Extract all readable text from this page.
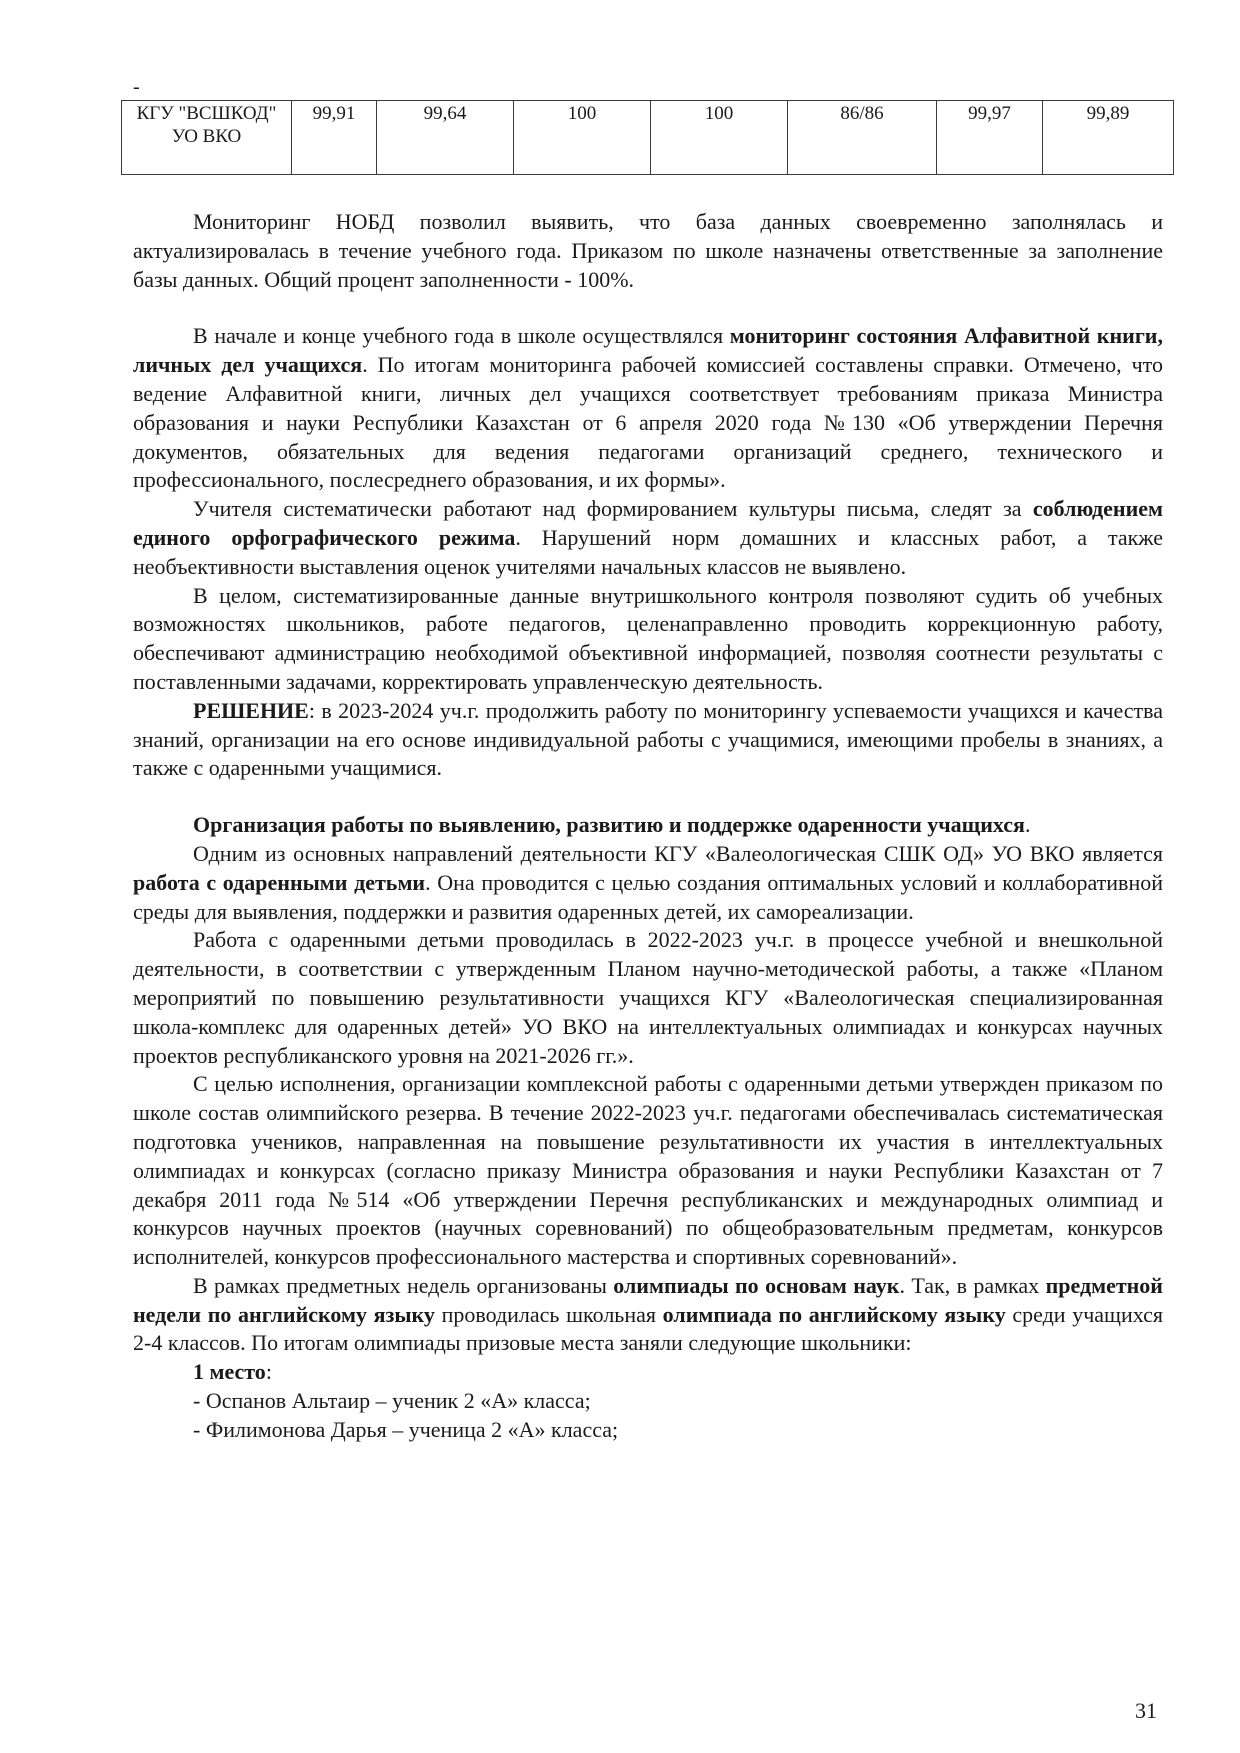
-
КГУ "ВСШКОД" УО ВКО	99,91	99,64	100	100	86/86	99,97	99,89

Мониторинг НОБД позволил выявить, что база данных своевременно заполнялась и актуализировалась в течение учебного года. Приказом по школе назначены ответственные за заполнение базы данных. Общий процент заполненности - 100%.

В начале и конце учебного года в школе осуществлялся мониторинг состояния Алфавитной книги, личных дел учащихся. По итогам мониторинга рабочей комиссией составлены справки. Отмечено, что ведение Алфавитной книги, личных дел учащихся соответствует требованиям приказа Министра образования и науки Республики Казахстан от 6 апреля 2020 года №130 «Об утверждении Перечня документов, обязательных для ведения педагогами организаций среднего, технического и профессионального, послесреднего образования, и их формы».

Учителя систематически работают над формированием культуры письма, следят за соблюдением единого орфографического режима. Нарушений норм домашних и классных работ, а также необъективности выставления оценок учителями начальных классов не выявлено.

В целом, систематизированные данные внутришкольного контроля позволяют судить об учебных возможностях школьников, работе педагогов, целенаправленно проводить коррекционную работу, обеспечивают администрацию необходимой объективной информацией, позволяя соотнести результаты с поставленными задачами, корректировать управленческую деятельность.

РЕШЕНИЕ: в 2023-2024 уч.г. продолжить работу по мониторингу успеваемости учащихся и качества знаний, организации на его основе индивидуальной работы с учащимися, имеющими пробелы в знаниях, а также с одаренными учащимися.

Организация работы по выявлению, развитию и поддержке одаренности учащихся.

Одним из основных направлений деятельности КГУ «Валеологическая СШК ОД» УО ВКО является работа с одаренными детьми. Она проводится с целью создания оптимальных условий и коллаборативной среды для выявления, поддержки и развития одаренных детей, их самореализации.

Работа с одаренными детьми проводилась в 2022-2023 уч.г. в процессе учебной и внешкольной деятельности, в соответствии с утвержденным Планом научно-методической работы, а также «Планом мероприятий по повышению результативности учащихся КГУ «Валеологическая специализированная школа-комплекс для одаренных детей» УО ВКО на интеллектуальных олимпиадах и конкурсах научных проектов республиканского уровня на 2021-2026 гг.».

С целью исполнения, организации комплексной работы с одаренными детьми утвержден приказом по школе состав олимпийского резерва. В течение 2022-2023 уч.г. педагогами обеспечивалась систематическая подготовка учеников, направленная на повышение результативности их участия в интеллектуальных олимпиадах и конкурсах (согласно приказу Министра образования и науки Республики Казахстан от 7 декабря 2011 года №514 «Об утверждении Перечня республиканских и международных олимпиад и конкурсов научных проектов (научных соревнований) по общеобразовательным предметам, конкурсов исполнителей, конкурсов профессионального мастерства и спортивных соревнований».

В рамках предметных недель организованы олимпиады по основам наук. Так, в рамках предметной недели по английскому языку проводилась школьная олимпиада по английскому языку среди учащихся 2-4 классов. По итогам олимпиады призовые места заняли следующие школьники:

1 место:

- Оспанов Альтаир – ученик 2 «А» класса;

- Филимонова Дарья – ученица 2 «А» класса;

31
